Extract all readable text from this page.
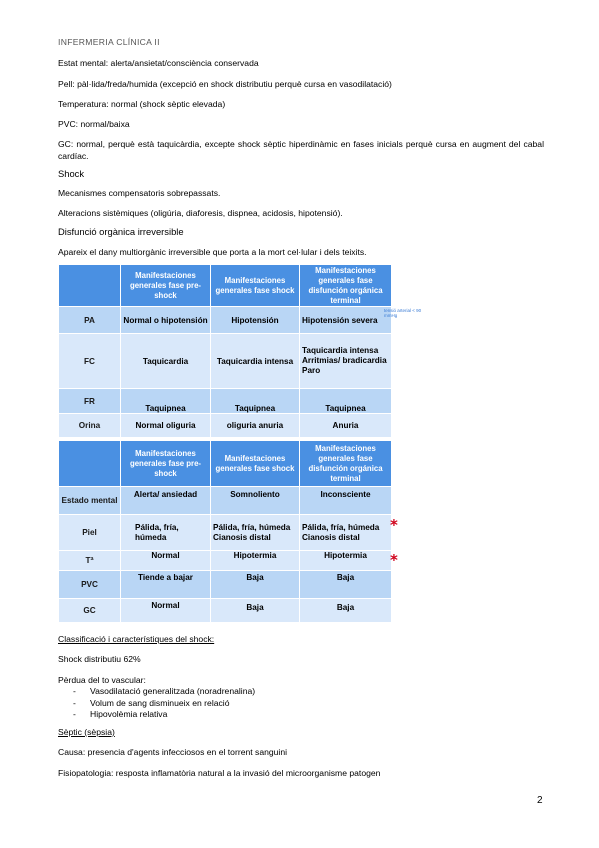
INFERMERIA CLÍNICA II
Estat mental: alerta/ansietat/consciència conservada
Pell: pàl·lida/freda/humida (excepció en shock distributiu perquè cursa en vasodilatació)
Temperatura: normal (shock sèptic elevada)
PVC: normal/baixa
GC: normal, perquè està taquicàrdia, excepte shock sèptic hiperdinàmic en fases inicials perquè cursa en augment del cabal cardíac.
Shock
Mecanismes compensatoris sobrepassats.
Alteracions sistèmiques (oligúria, diaforesis, dispnea, acidosis, hipotensió).
Disfunció orgànica irreversible
Apareix el dany multiorgànic irreversible que porta a la mort cel·lular i dels teixits.
	Manifestaciones generales fase pre-shock	Manifestaciones generales fase shock	Manifestaciones generales fase disfunción orgánica terminal
PA	Normal o hipotensión	Hipotensión	Hipotensión severa
FC	Taquicardia	Taquicardia intensa	Taquicardia intensa Arritmias/ bradicardia Paro
FR	Taquipnea	Taquipnea	Taquipnea
Orina	Normal oliguria	oliguria anuria	Anuria
tensió arterial < 90 mmHg
	Manifestaciones generales fase pre-shock	Manifestaciones generales fase shock	Manifestaciones generales fase disfunción orgánica terminal
Estado mental	Alerta/ ansiedad	Somnoliento	Inconsciente
Piel	Pálida, fría, húmeda	Pálida, fría, húmeda Cianosis distal	Pálida, fría, húmeda Cianosis distal
Tª	Normal	Hipotermia	Hipotermia
PVC	Tiende a bajar	Baja	Baja
GC	Normal	Baja	Baja
*
*
Classificació i característiques del shock:
Shock distributiu 62%
Pèrdua del to vascular:
- Vasodilatació generalitzada (noradrenalina)
- Volum de sang disminueix en relació
- Hipovolèmia relativa
Sèptic (sèpsia)
Causa: presencia d'agents infecciosos en el torrent sanguini
Fisiopatologia: resposta inflamatòria natural a la invasió del microorganisme patogen
2
